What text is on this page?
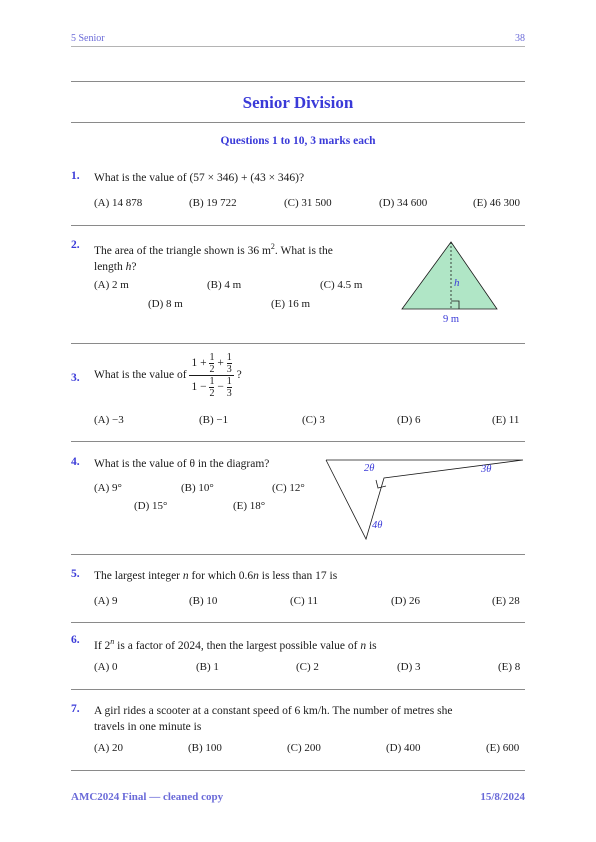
5 Senior	38
Senior Division
Questions 1 to 10, 3 marks each
1. What is the value of (57 × 346) + (43 × 346)?
(A) 14 878	(B) 19 722	(C) 31 500	(D) 34 600	(E) 46 300
2. The area of the triangle shown is 36 $m^2$. What is the
length h?
(A) 2 m	(B) 4 m	(C) 4.5 m
(D) 8 m	(E) 16 m
h
9 m
3. What is the value of $\frac{1 + \frac{1}{2} + \frac{1}{3}}{1 - \frac{1}{2} - \frac{1}{3}}$ ?
(A) −3	(B) −1	(C) 3	(D) 6	(E) 11
4. What is the value of θ in the diagram?
(A) 9°	(B) 10°	(C) 12°
(D) 15°	(E) 18°
2θ	3θ
4θ
5. The largest integer n for which 0.6n is less than 17 is
(A) 9	(B) 10	(C) 11	(D) 26	(E) 28
6. If 2$^n$ is a factor of 2024, then the largest possible value of n is
(A) 0	(B) 1	(C) 2	(D) 3	(E) 8
7. A girl rides a scooter at a constant speed of 6 km/h. The number of metres she
travels in one minute is
(A) 20	(B) 100	(C) 200	(D) 400	(E) 600
AMC2024 Final — cleaned copy	15/8/2024
